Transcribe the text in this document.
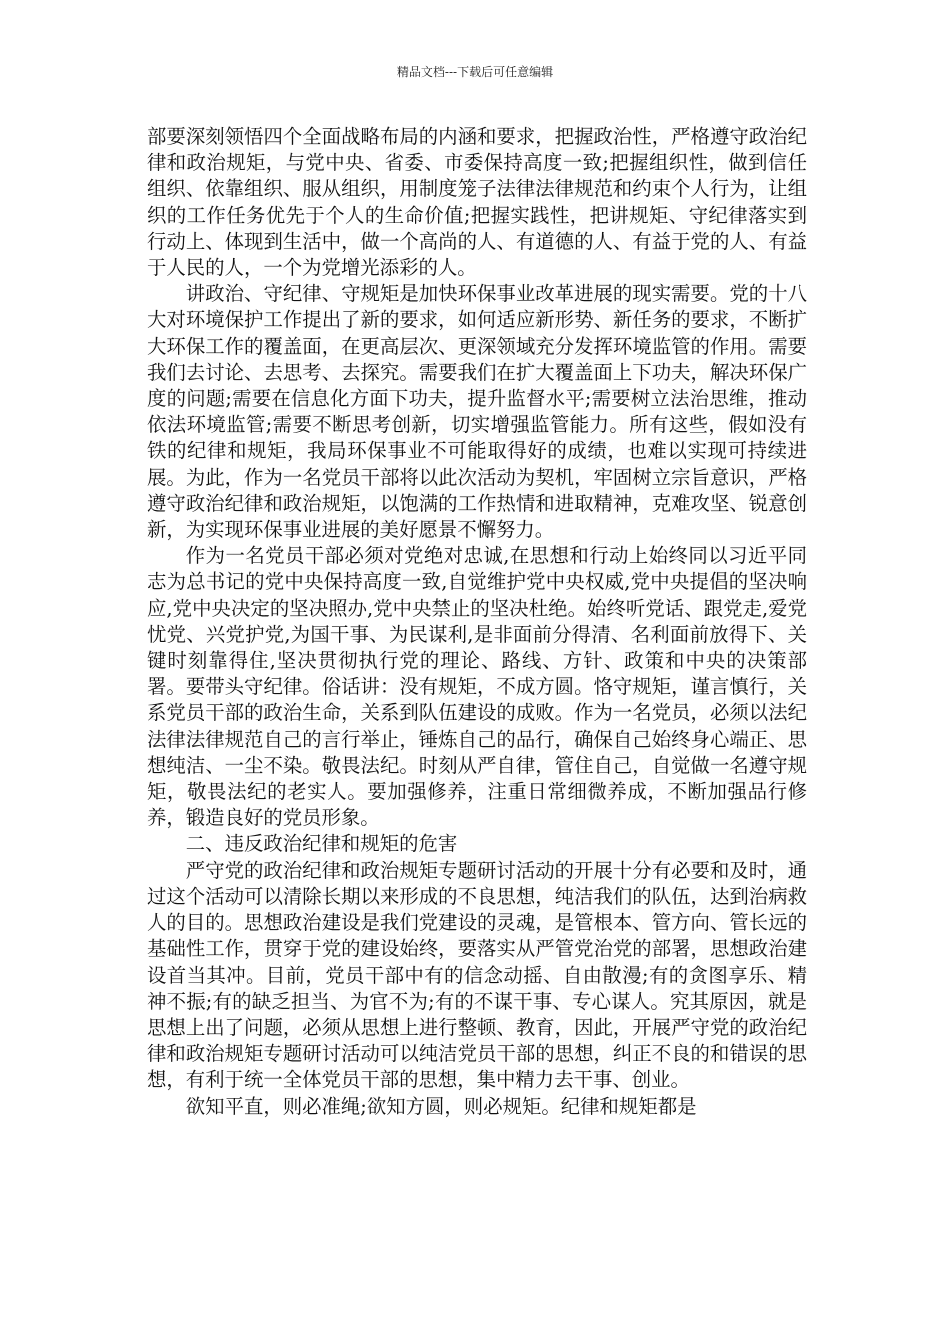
精品文档---下载后可任意编辑

部要深刻领悟四个全面战略布局的内涵和要求，把握政治性，严格遵守政治纪律和政治规矩，与党中央、省委、市委保持高度一致;把握组织性，做到信任组织、依靠组织、服从组织，用制度笼子法律法律规范和约束个人行为，让组织的工作任务优先于个人的生命价值;把握实践性，把讲规矩、守纪律落实到行动上、体现到生活中，做一个高尚的人、有道德的人、有益于党的人、有益于人民的人，一个为党增光添彩的人。

讲政治、守纪律、守规矩是加快环保事业改革进展的现实需要。党的十八大对环境保护工作提出了新的要求，如何适应新形势、新任务的要求，不断扩大环保工作的覆盖面，在更高层次、更深领域充分发挥环境监管的作用。需要我们去讨论、去思考、去探究。需要我们在扩大覆盖面上下功夫，解决环保广度的问题;需要在信息化方面下功夫，提升监督水平;需要树立法治思维，推动依法环境监管;需要不断思考创新，切实增强监管能力。所有这些，假如没有铁的纪律和规矩，我局环保事业不可能取得好的成绩，也难以实现可持续进展。为此，作为一名党员干部将以此次活动为契机，牢固树立宗旨意识，严格遵守政治纪律和政治规矩，以饱满的工作热情和进取精神，克难攻坚、锐意创新，为实现环保事业进展的美好愿景不懈努力。

作为一名党员干部必须对党绝对忠诚,在思想和行动上始终同以习近平同志为总书记的党中央保持高度一致,自觉维护党中央权威,党中央提倡的坚决响应,党中央决定的坚决照办,党中央禁止的坚决杜绝。始终听党话、跟党走,爱党忧党、兴党护党,为国干事、为民谋利,是非面前分得清、名利面前放得下、关键时刻靠得住,坚决贯彻执行党的理论、路线、方针、政策和中央的决策部署。要带头守纪律。俗话讲：没有规矩，不成方圆。恪守规矩，谨言慎行，关系党员干部的政治生命，关系到队伍建设的成败。作为一名党员，必须以法纪法律法律规范自己的言行举止，锤炼自己的品行，确保自己始终身心端正、思想纯洁、一尘不染。敬畏法纪。时刻从严自律，管住自己，自觉做一名遵守规矩，敬畏法纪的老实人。要加强修养，注重日常细微养成，不断加强品行修养，锻造良好的党员形象。

二、违反政治纪律和规矩的危害

严守党的政治纪律和政治规矩专题研讨活动的开展十分有必要和及时，通过这个活动可以清除长期以来形成的不良思想，纯洁我们的队伍，达到治病救人的目的。思想政治建设是我们党建设的灵魂，是管根本、管方向、管长远的基础性工作，贯穿于党的建设始终，要落实从严管党治党的部署，思想政治建设首当其冲。目前，党员干部中有的信念动摇、自由散漫;有的贪图享乐、精神不振;有的缺乏担当、为官不为;有的不谋干事、专心谋人。究其原因，就是思想上出了问题，必须从思想上进行整顿、教育，因此，开展严守党的政治纪律和政治规矩专题研讨活动可以纯洁党员干部的思想，纠正不良的和错误的思想，有利于统一全体党员干部的思想，集中精力去干事、创业。

欲知平直，则必准绳;欲知方圆，则必规矩。纪律和规矩都是
